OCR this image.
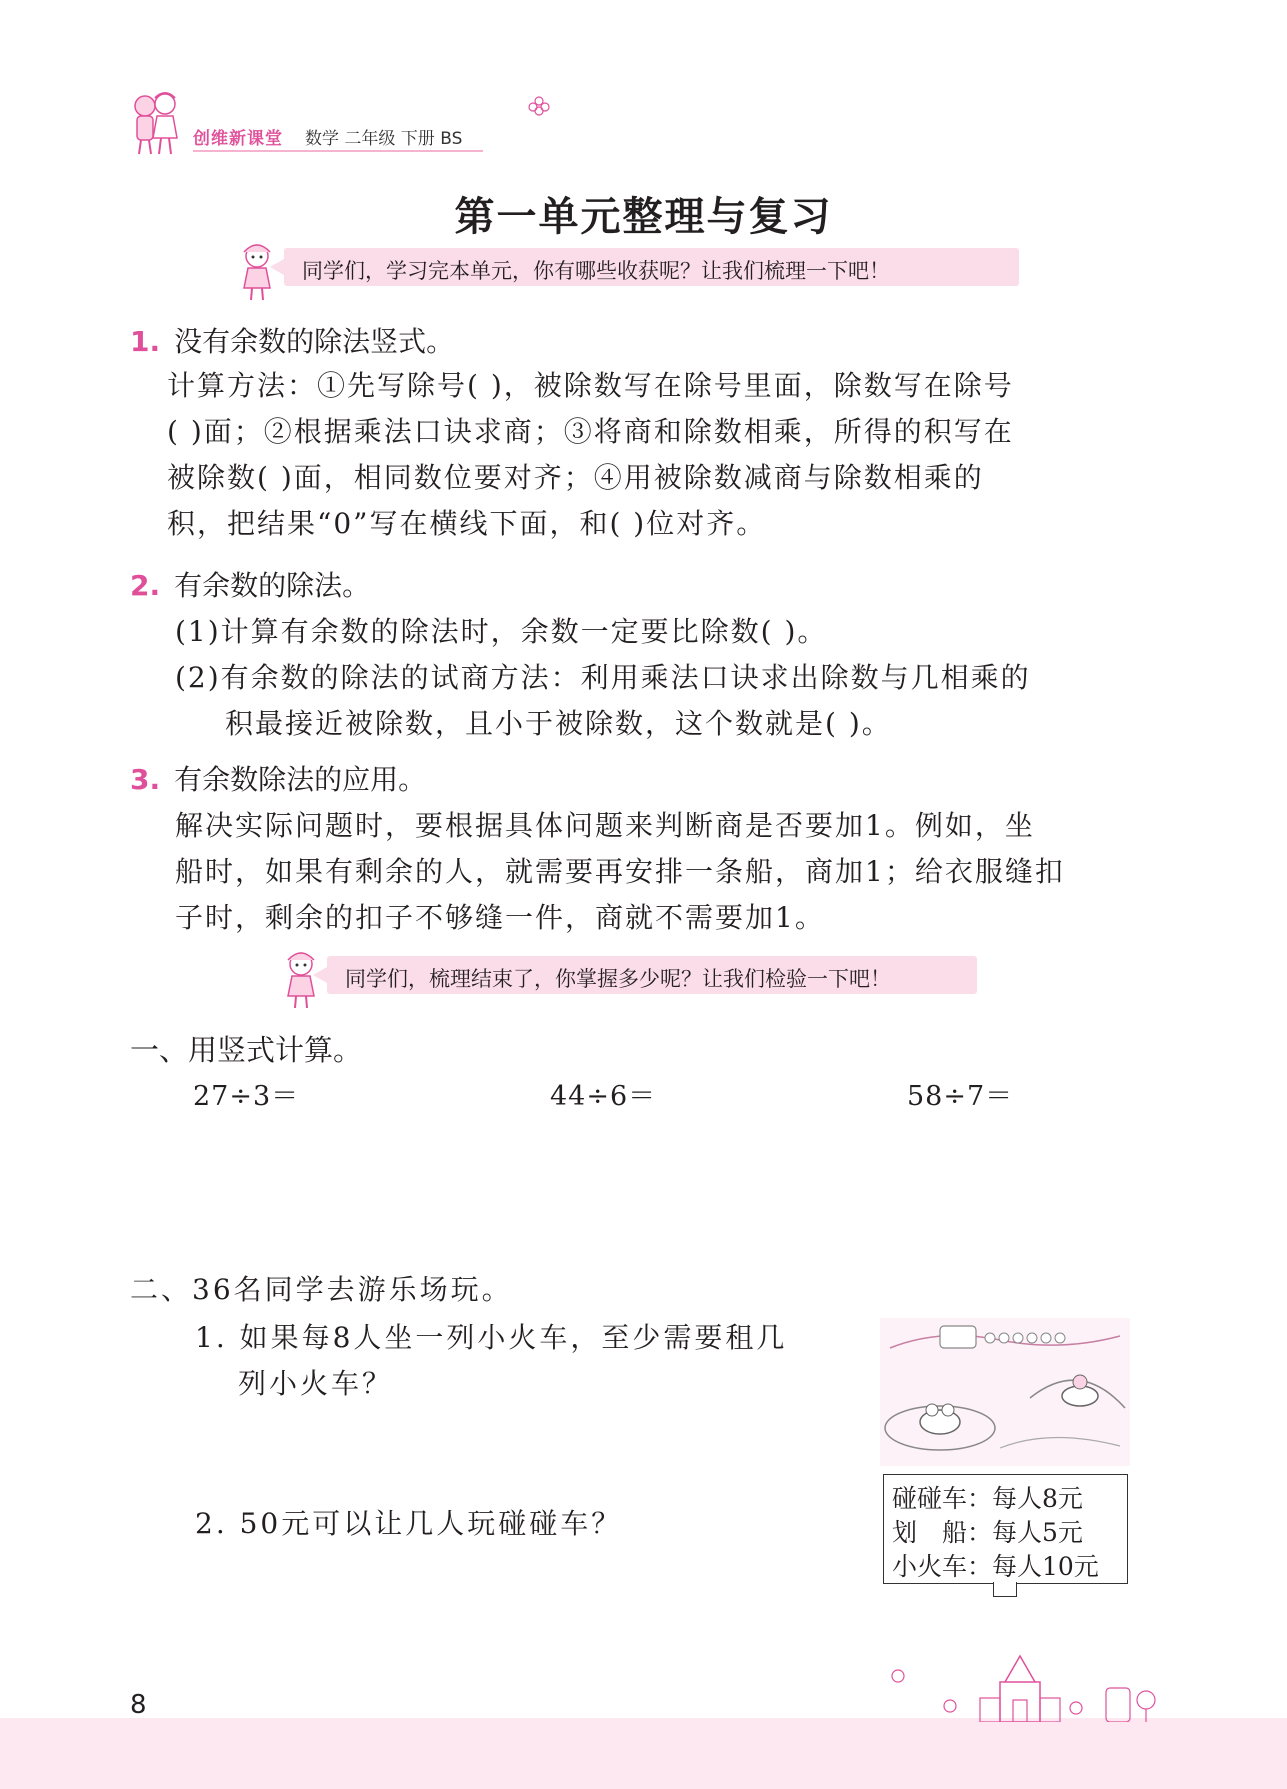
创维新课堂 数学 二年级 下册 BS
第一单元整理与复习
同学们，学习完本单元，你有哪些收获呢？让我们梳理一下吧！
1. 没有余数的除法竖式。
计算方法：①先写除号( )，被除数写在除号里面，除数写在除号
( )面；②根据乘法口诀求商；③将商和除数相乘，所得的积写在
被除数( )面，相同数位要对齐；④用被除数减商与除数相乘的
积，把结果“0”写在横线下面，和( )位对齐。
2. 有余数的除法。
(1)计算有余数的除法时，余数一定要比除数( )。
(2)有余数的除法的试商方法：利用乘法口诀求出除数与几相乘的
积最接近被除数，且小于被除数，这个数就是( )。
3. 有余数除法的应用。
解决实际问题时，要根据具体问题来判断商是否要加1。例如，坐
船时，如果有剩余的人，就需要再安排一条船，商加1；给衣服缝扣
子时，剩余的扣子不够缝一件，商就不需要加1。
同学们，梳理结束了，你掌握多少呢？让我们检验一下吧！
一、用竖式计算。
27÷3＝	44÷6＝	58÷7＝
二、36名同学去游乐场玩。
1. 如果每8人坐一列小火车，至少需要租几
列小火车？
2. 50元可以让几人玩碰碰车？
碰碰车：每人8元
划　船：每人5元
小火车：每人10元
8
